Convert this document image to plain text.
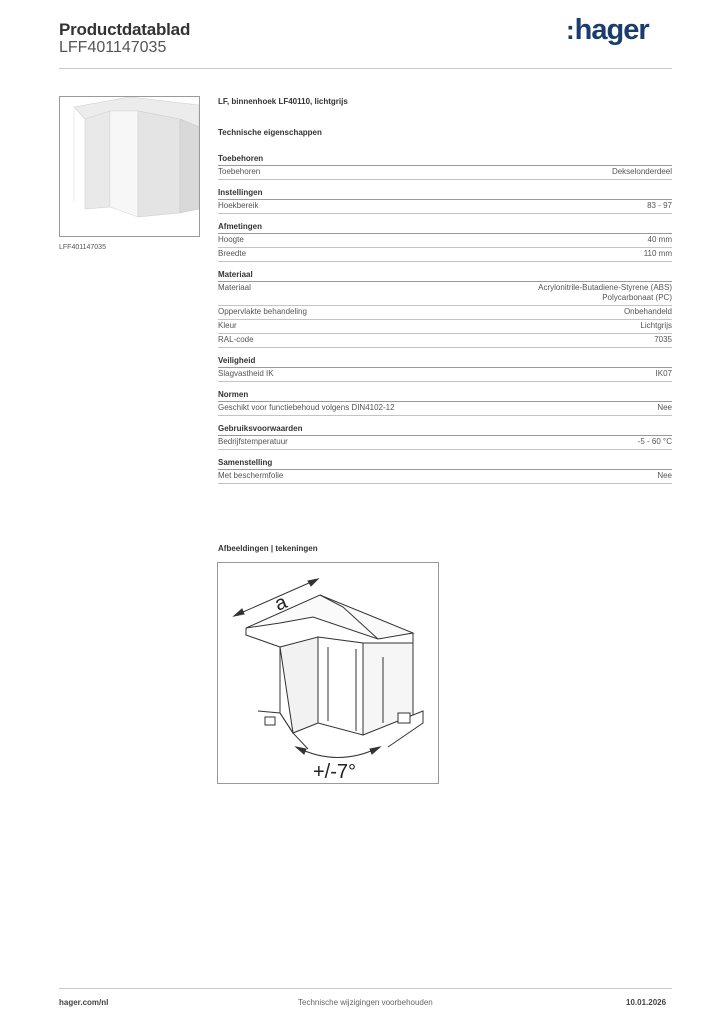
Productdatablad
LFF401147035
:hager
LFF401147035
LF, binnenhoek LF40110, lichtgrijs
Technische eigenschappen
Toebehoren
Toebehoren	Dekselonderdeel
Instellingen
Hoekbereik	83 - 97
Afmetingen
Hoogte	40 mm
Breedte	110 mm
Materiaal
Materiaal	Acrylonitrile-Butadiene-Styrene (ABS)
Polycarbonaat (PC)
Oppervlakte behandeling	Onbehandeld
Kleur	Lichtgrijs
RAL-code	7035
Veiligheid
Slagvastheid IK	IK07
Normen
Geschikt voor functiebehoud volgens DIN4102-12	Nee
Gebruiksvoorwaarden
Bedrijfstemperatuur	-5 - 60 °C
Samenstelling
Met beschermfolie	Nee
Afbeeldingen | tekeningen
a
+/-7°
hager.com/nl	Technische wijzigingen voorbehouden	10.01.2026
